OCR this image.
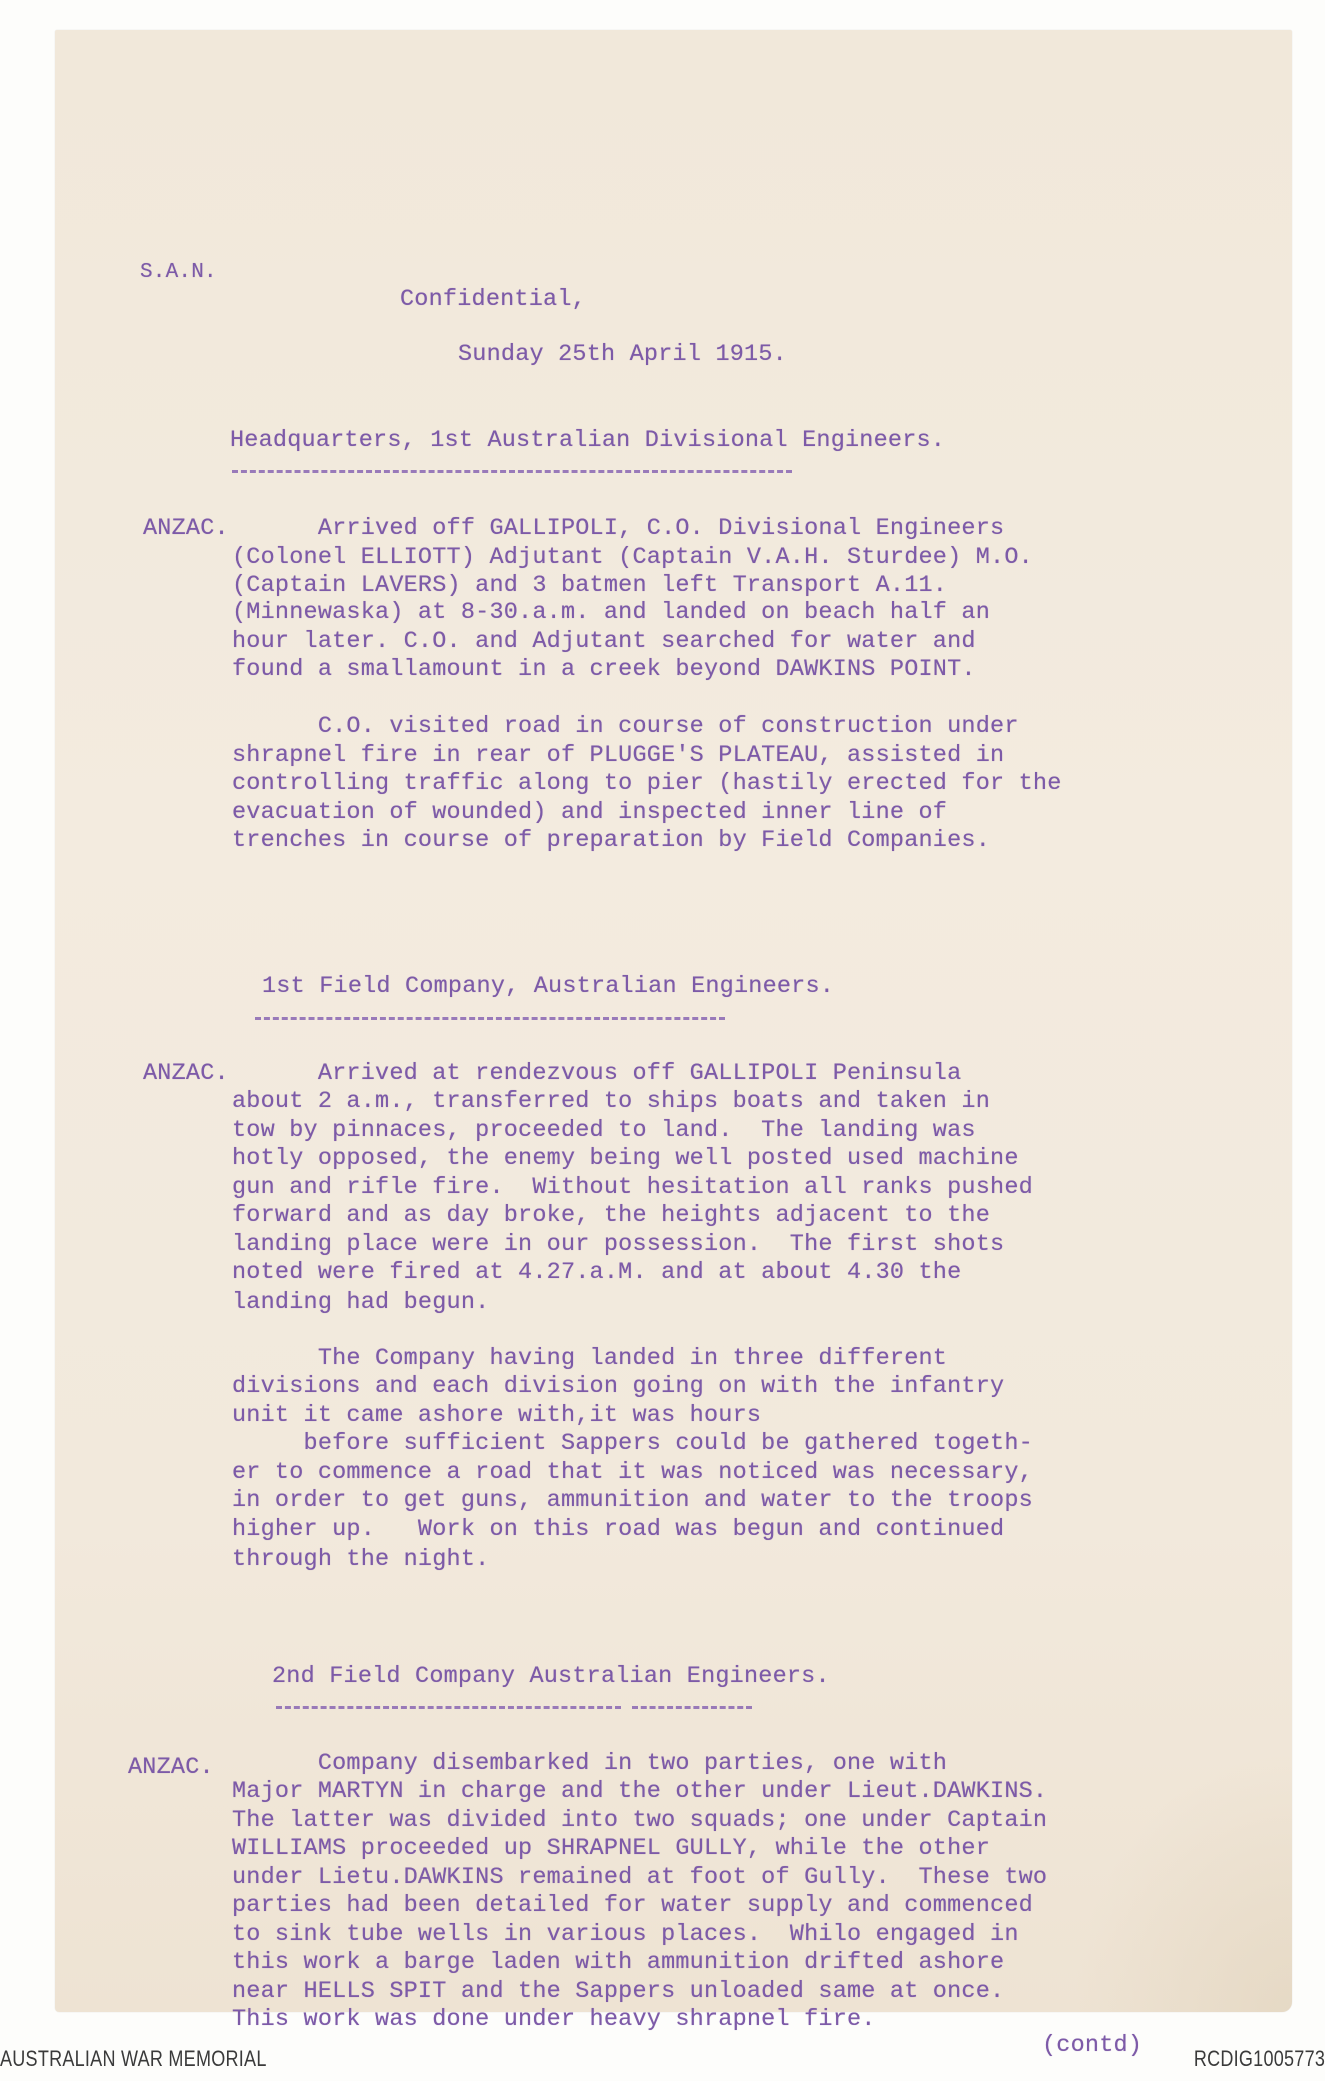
S.A.N.
Confidential,
Sunday 25th April 1915.
Headquarters, 1st Australian Divisional Engineers.
ANZAC. Arrived off GALLIPOLI, C.O. Divisional Engineers
(Colonel ELLIOTT) Adjutant (Captain V.A.H. Sturdee) M.O.
(Captain LAVERS) and 3 batmen left Transport A.11.
(Minnewaska) at 8-30.a.m. and landed on beach half an
hour later. C.O. and Adjutant searched for water and
found a smallamount in a creek beyond DAWKINS POINT.
C.O. visited road in course of construction under
shrapnel fire in rear of PLUGGE'S PLATEAU, assisted in
controlling traffic along to pier (hastily erected for the
evacuation of wounded) and inspected inner line of
trenches in course of preparation by Field Companies.
1st Field Company, Australian Engineers.
ANZAC. Arrived at rendezvous off GALLIPOLI Peninsula
about 2 a.m., transferred to ships boats and taken in
tow by pinnaces, proceeded to land.  The landing was
hotly opposed, the enemy being well posted used machine
gun and rifle fire.  Without hesitation all ranks pushed
forward and as day broke, the heights adjacent to the
landing place were in our possession.  The first shots
noted were fired at 4.27.a.M. and at about 4.30 the
landing had begun.
The Company having landed in three different
divisions and each division going on with the infantry
unit it came ashore with,it was hours
before sufficient Sappers could be gathered togeth-
er to commence a road that it was noticed was necessary,
in order to get guns, ammunition and water to the troops
higher up.   Work on this road was begun and continued
through the night.
2nd Field Company Australian Engineers.
ANZAC. Company disembarked in two parties, one with
Major MARTYN in charge and the other under Lieut.DAWKINS.
The latter was divided into two squads; one under Captain
WILLIAMS proceeded up SHRAPNEL GULLY, while the other
under Lietu.DAWKINS remained at foot of Gully.  These two
parties had been detailed for water supply and commenced
to sink tube wells in various places.  Whilo engaged in
this work a barge laden with ammunition drifted ashore
near HELLS SPIT and the Sappers unloaded same at once.
This work was done under heavy shrapnel fire.
(contd)
AUSTRALIAN WAR MEMORIAL	RCDIG1005773
